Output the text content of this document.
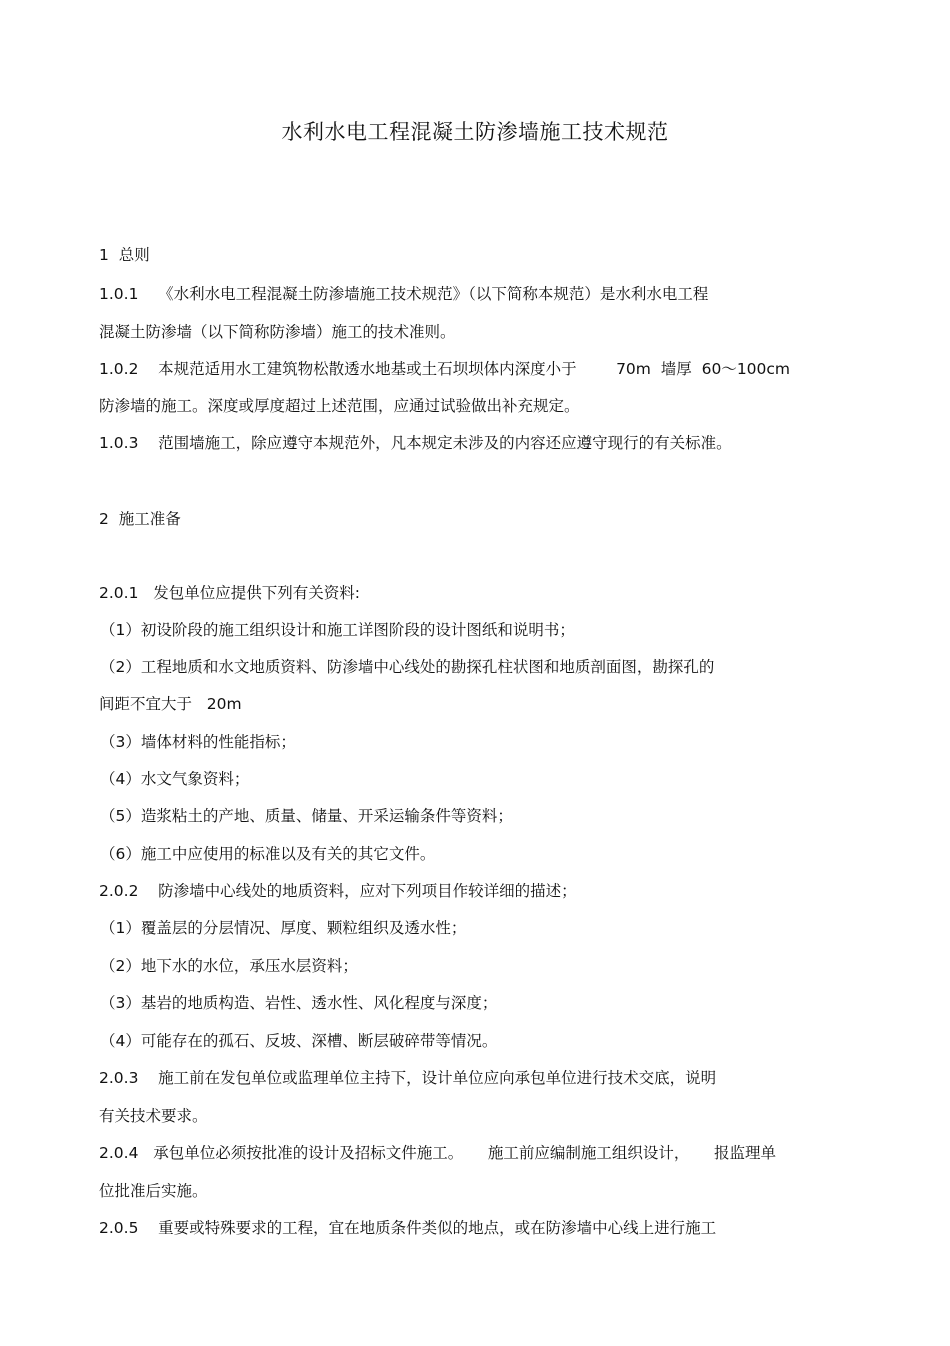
水利水电工程混凝土防渗墙施工技术规范
1  总则
1.0.1    《水利水电工程混凝土防渗墙施工技术规范》（以下简称本规范）是水利水电工程
混凝土防渗墙（以下简称防渗墙）施工的技术准则。
1.0.2    本规范适用水工建筑物松散透水地基或土石坝坝体内深度小于        70m  墙厚  60～100cm
防渗墙的施工。深度或厚度超过上述范围，应通过试验做出补充规定。
1.0.3    范围墙施工，除应遵守本规范外，凡本规定未涉及的内容还应遵守现行的有关标准。
2  施工准备
2.0.1   发包单位应提供下列有关资料:
（1）初设阶段的施工组织设计和施工详图阶段的设计图纸和说明书；
（2）工程地质和水文地质资料、防渗墙中心线处的勘探孔柱状图和地质剖面图，勘探孔的
间距不宜大于   20m
（3）墙体材料的性能指标；
（4）水文气象资料；
（5）造浆粘土的产地、质量、储量、开采运输条件等资料；
（6）施工中应使用的标准以及有关的其它文件。
2.0.2    防渗墙中心线处的地质资料，应对下列项目作较详细的描述；
（1）覆盖层的分层情况、厚度、颗粒组织及透水性；
（2）地下水的水位，承压水层资料；
（3）基岩的地质构造、岩性、透水性、风化程度与深度；
（4）可能存在的孤石、反坡、深槽、断层破碎带等情况。
2.0.3    施工前在发包单位或监理单位主持下，设计单位应向承包单位进行技术交底，说明
有关技术要求。
2.0.4   承包单位必须按批准的设计及招标文件施工。     施工前应编制施工组织设计，     报监理单
位批准后实施。
2.0.5    重要或特殊要求的工程，宜在地质条件类似的地点，或在防渗墙中心线上进行施工
